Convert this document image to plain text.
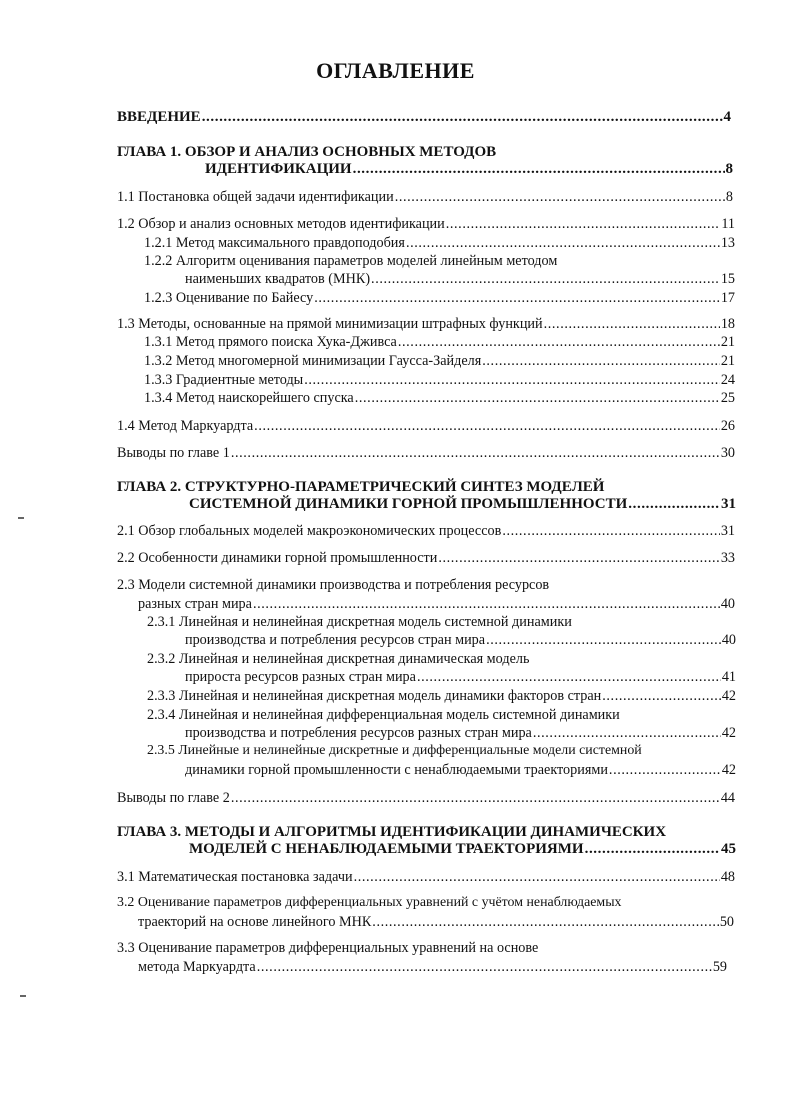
ОГЛАВЛЕНИЕ
ВВЕДЕНИЕ .....	4
ГЛАВА 1. ОБЗОР И АНАЛИЗ ОСНОВНЫХ МЕТОДОВ
ИДЕНТИФИКАЦИИ .....	8
1.1 Постановка общей задачи идентификации .....	8
1.2 Обзор и анализ основных методов идентификации .....	11
1.2.1 Метод максимального правдоподобия .....	13
1.2.2 Алгоритм оценивания параметров моделей линейным методом
наименьших квадратов (МНК) .....	15
1.2.3 Оценивание по Байесу .....	17
1.3 Методы, основанные на прямой минимизации штрафных функций .....	18
1.3.1 Метод прямого поиска Хука-Дживса .....	21
1.3.2 Метод многомерной минимизации Гаусса-Зайделя .....	21
1.3.3 Градиентные методы .....	24
1.3.4 Метод наискорейшего спуска .....	25
1.4 Метод Маркуардта .....	26
Выводы по главе 1 .....	30
ГЛАВА 2. СТРУКТУРНО-ПАРАМЕТРИЧЕСКИЙ СИНТЕЗ МОДЕЛЕЙ
СИСТЕМНОЙ ДИНАМИКИ ГОРНОЙ ПРОМЫШЛЕННОСТИ .....	31
2.1 Обзор глобальных моделей макроэкономических процессов .....	31
2.2 Особенности динамики горной промышленности .....	33
2.3 Модели системной динамики производства и потребления ресурсов
разных стран мира .....	40
2.3.1 Линейная и нелинейная дискретная модель системной динамики
производства и потребления ресурсов стран мира .....	40
2.3.2 Линейная и нелинейная дискретная динамическая модель
прироста ресурсов разных стран мира .....	41
2.3.3 Линейная и нелинейная дискретная модель динамики факторов стран .....	42
2.3.4 Линейная и нелинейная дифференциальная модель системной динамики
производства и потребления ресурсов разных стран мира .....	42
2.3.5 Линейные и нелинейные дискретные и дифференциальные модели системной
динамики горной промышленности с ненаблюдаемыми траекториями .....	42
Выводы по главе 2 .....	44
ГЛАВА 3. МЕТОДЫ И АЛГОРИТМЫ ИДЕНТИФИКАЦИИ ДИНАМИЧЕСКИХ
МОДЕЛЕЙ С НЕНАБЛЮДАЕМЫМИ ТРАЕКТОРИЯМИ .....	45
3.1 Математическая постановка задачи .....	48
3.2 Оценивание параметров дифференциальных уравнений с учётом ненаблюдаемых
траекторий на основе линейного МНК .....	50
3.3 Оценивание параметров дифференциальных уравнений на основе
метода Маркуардта .....	59
